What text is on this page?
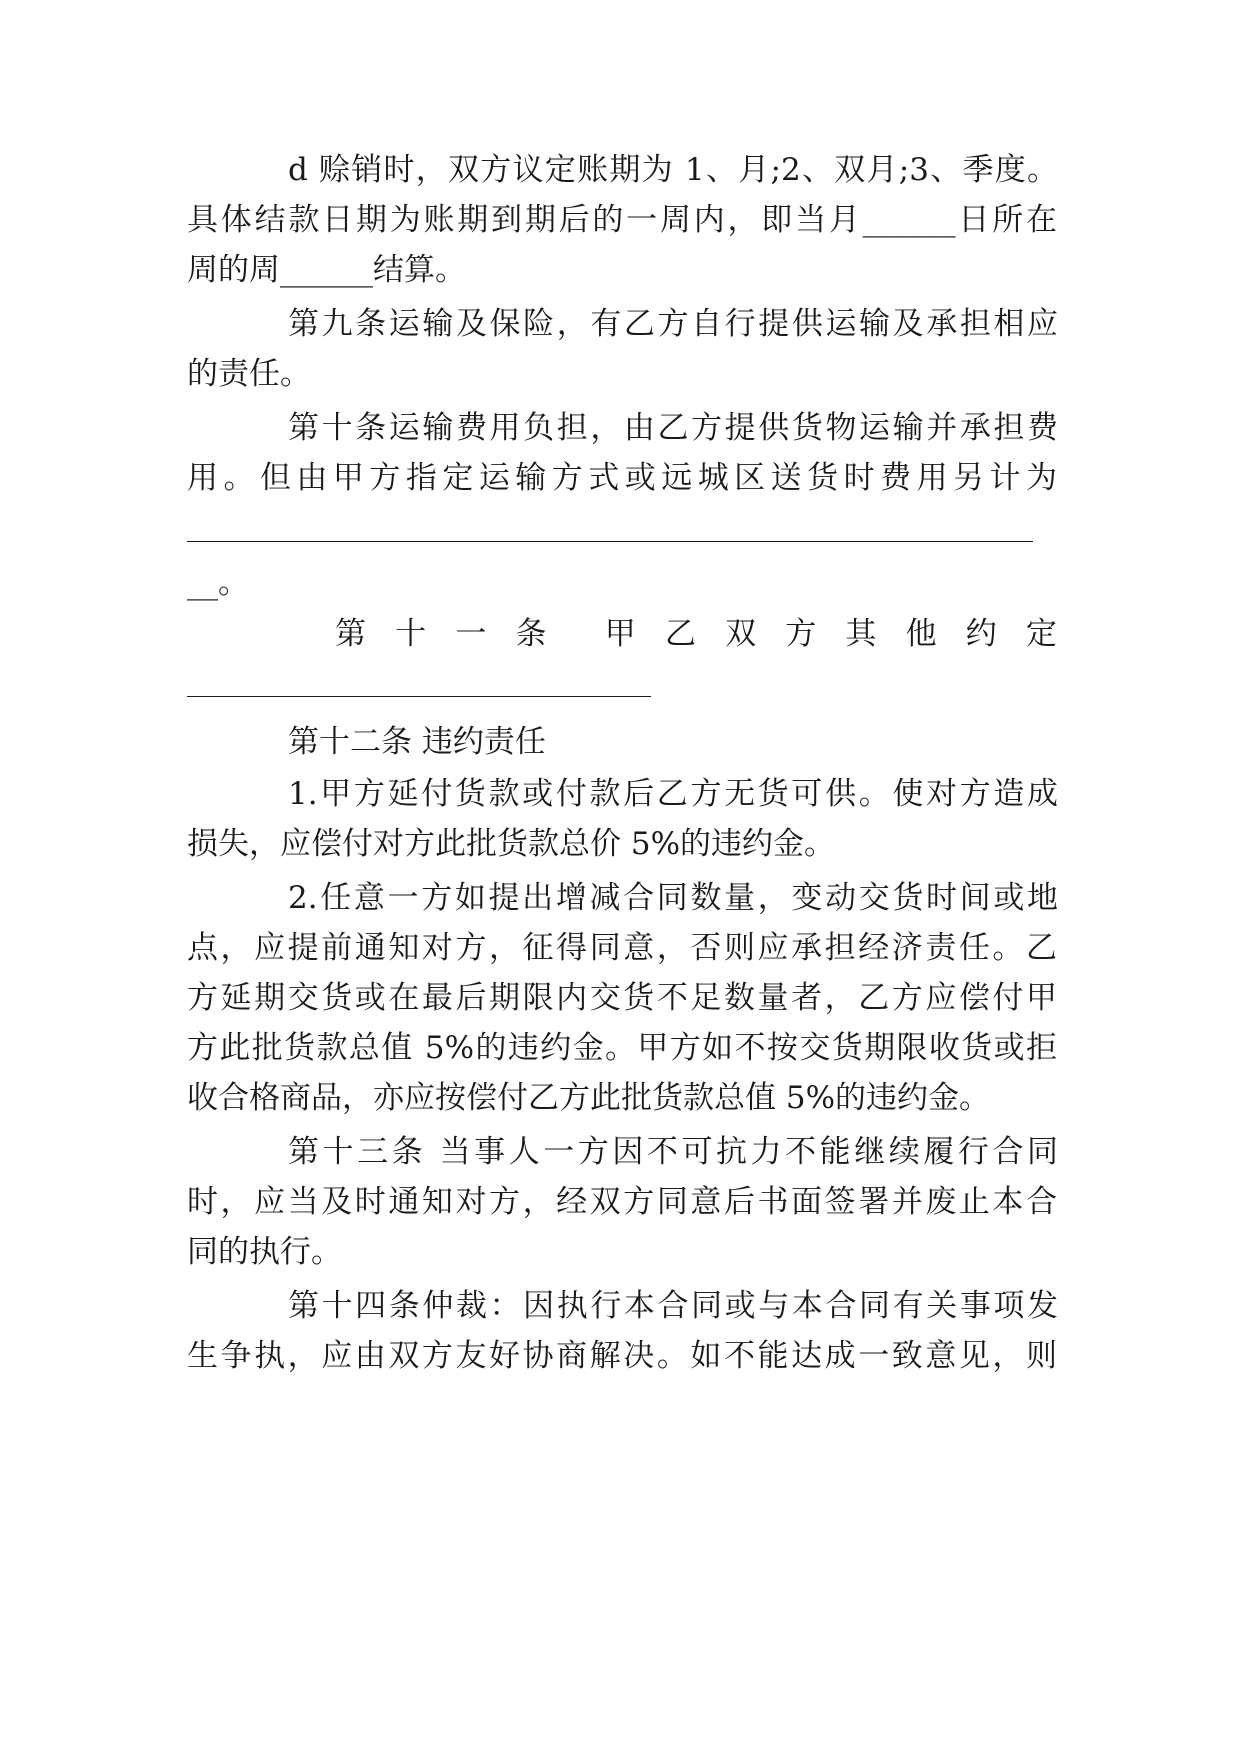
d 赊销时，双方议定账期为 1、月;2、双月;3、季度。
具体结款日期为账期到期后的一周内，即当月______日所在
周的周______结算。
第九条运输及保险，有乙方自行提供运输及承担相应
的责任。
第十条运输费用负担，由乙方提供货物运输并承担费
用。但由甲方指定运输方式或远城区送货时费用另计为
__。
第 十 一 条 甲 乙 双 方 其 他 约 定
第十二条 违约责任
1.甲方延付货款或付款后乙方无货可供。使对方造成
损失，应偿付对方此批货款总价 5%的违约金。
2.任意一方如提出增减合同数量，变动交货时间或地
点，应提前通知对方，征得同意，否则应承担经济责任。乙
方延期交货或在最后期限内交货不足数量者，乙方应偿付甲
方此批货款总值 5%的违约金。甲方如不按交货期限收货或拒
收合格商品，亦应按偿付乙方此批货款总值 5%的违约金。
第十三条 当事人一方因不可抗力不能继续履行合同
时，应当及时通知对方，经双方同意后书面签署并废止本合
同的执行。
第十四条仲裁：因执行本合同或与本合同有关事项发
生争执，应由双方友好协商解决。如不能达成一致意见，则
